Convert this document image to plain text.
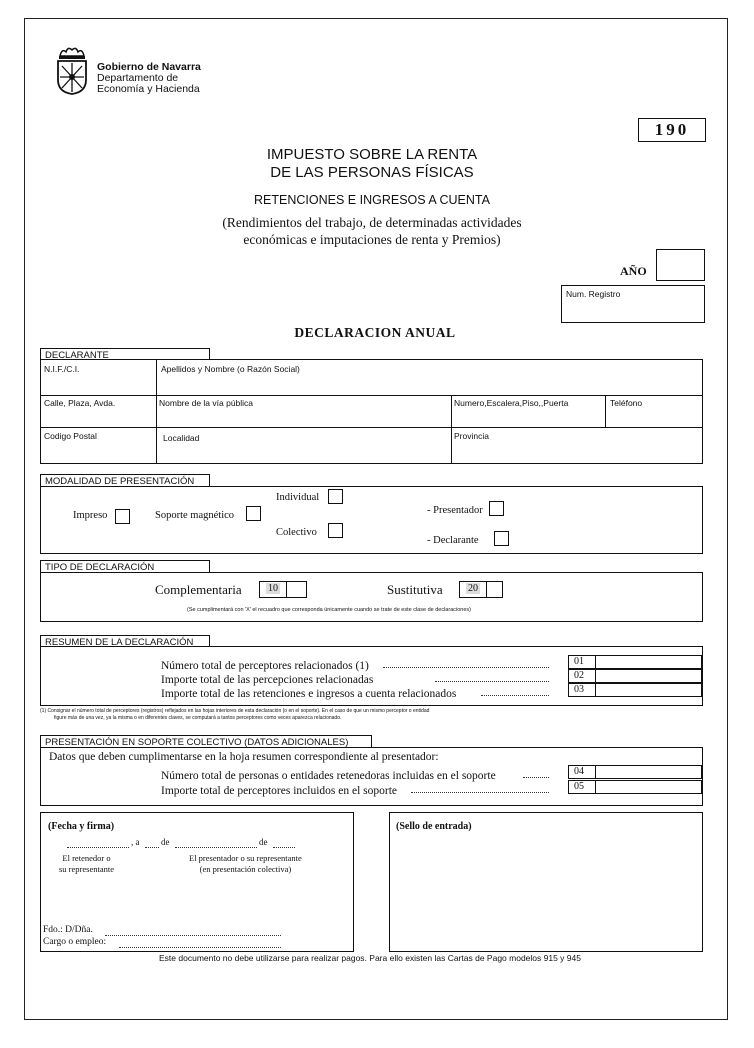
Gobierno de Navarra
Departamento de
Economía y Hacienda
190
IMPUESTO SOBRE LA RENTA
DE LAS PERSONAS FÍSICAS
RETENCIONES E INGRESOS A CUENTA
(Rendimientos del trabajo, de determinadas actividades
económicas e imputaciones de renta y Premios)
AÑO
Num. Registro
DECLARACION ANUAL
DECLARANTE
N.I.F./C.I.	Apellidos y Nombre (o Razón Social)
Calle, Plaza, Avda.	Nombre de la vía pública	Numero,Escalera,Piso,,Puerta	Teléfono
Codigo Postal	Localidad	Provincia
MODALIDAD DE PRESENTACIÓN
Impreso	Soporte magnético
Individual
Colectivo
- Presentador
- Declarante
TIPO DE DECLARACIÓN
Complementaria	10	Sustitutiva	20
(Se cumplimentará con 'X' el recuadro que corresponda únicamente cuando se trate de este clase de declaraciones)
RESUMEN DE LA DECLARACIÓN
Número total de perceptores relacionados (1)	01
Importe total de las percepciones relacionadas	02
Importe total de las retenciones e ingresos a cuenta relacionados	03
(1) Consignar el número total de perceptores (registros) reflejados en las hojas interiores de esta declaración (o en el soporte). En el caso de que un mismo perceptor o entidad
figure más de una vez, ya la misma o en diferentes claves, se computará a tantos perceptores como veces aparezca relacionado.
PRESENTACIÓN EN SOPORTE COLECTIVO (DATOS ADICIONALES)
Datos que deben cumplimentarse en la hoja resumen correspondiente al presentador:
Número total de personas o entidades retenedoras incluidas en el soporte	04
Importe total de perceptores incluidos en el soporte	05
(Fecha y firma)
, a de	de
El retenedor o
su representante
El presentador o su representante
(en presentación colectiva)
Fdo.: D/Dña.
Cargo o empleo:
(Sello de entrada)
Este documento no debe utilizarse para realizar pagos. Para ello existen las Cartas de Pago modelos 915 y 945
